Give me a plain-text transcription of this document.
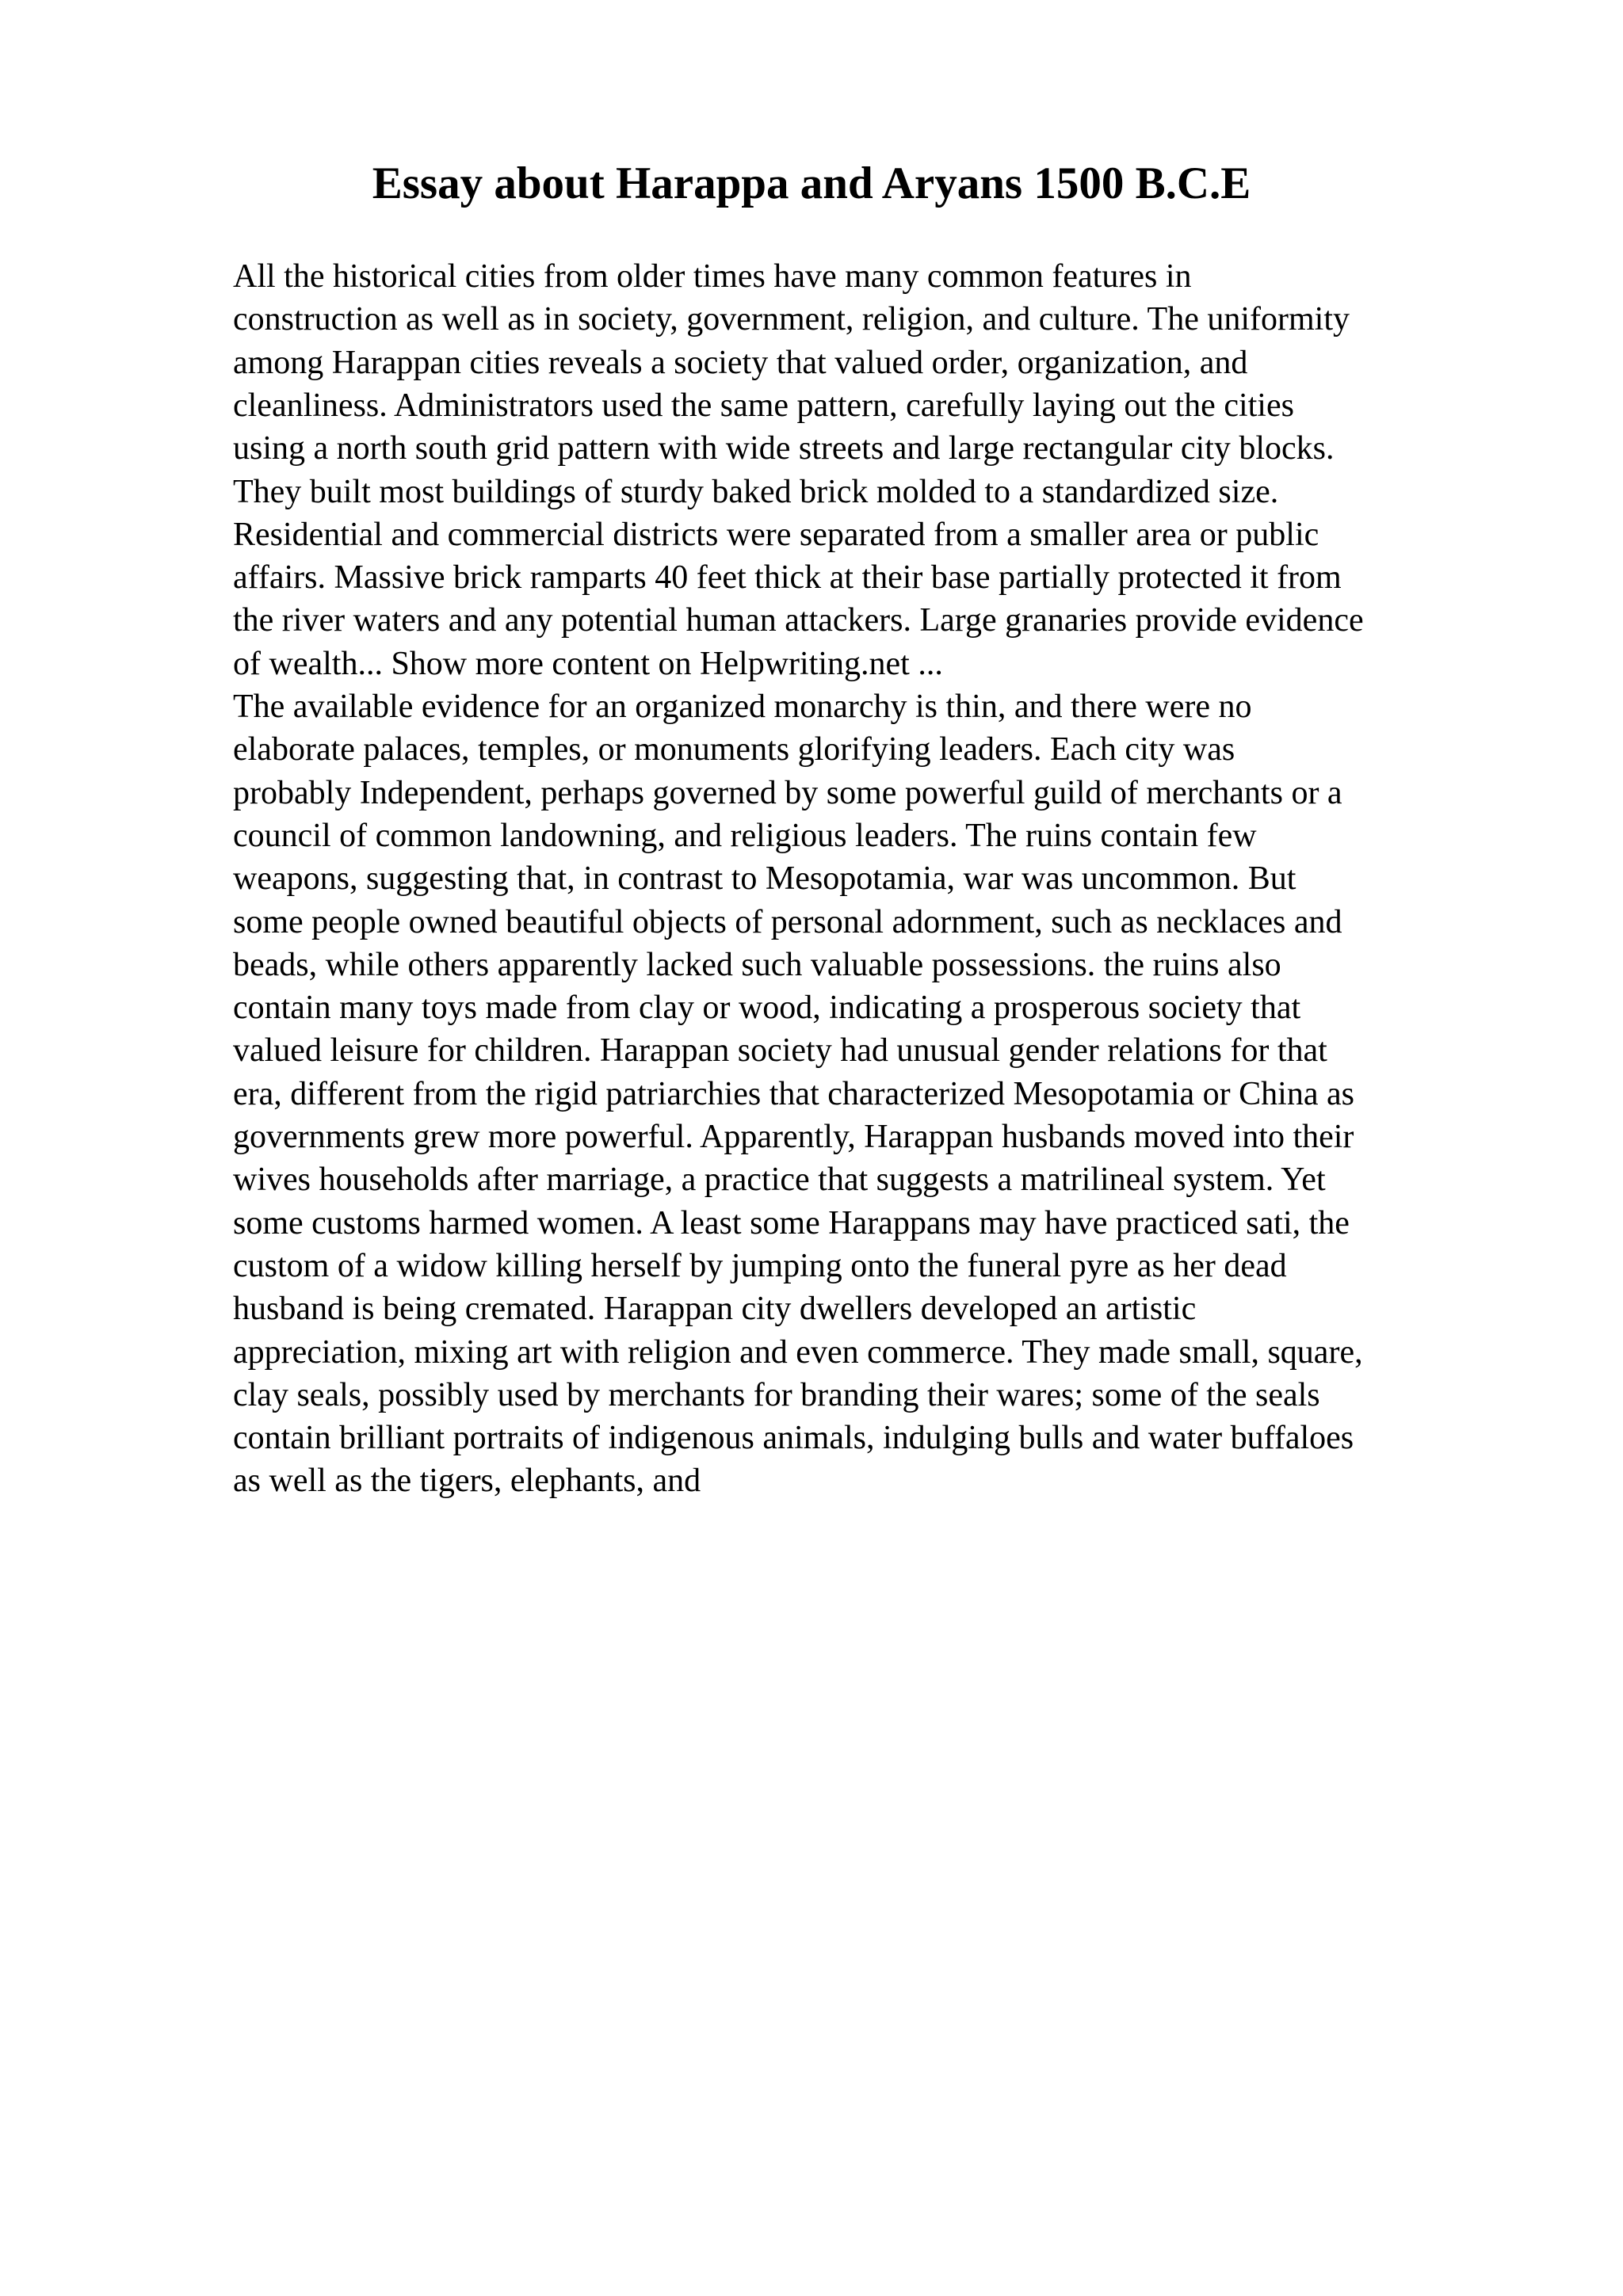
Essay about Harappa and Aryans 1500 B.C.E

All the historical cities from older times have many common features in

construction as well as in society, government, religion, and culture. The uniformity

among Harappan cities reveals a society that valued order, organization, and

cleanliness. Administrators used the same pattern, carefully laying out the cities

using a north south grid pattern with wide streets and large rectangular city blocks.

They built most buildings of sturdy baked brick molded to a standardized size.

Residential and commercial districts were separated from a smaller area or public

affairs. Massive brick ramparts 40 feet thick at their base partially protected it from

the river waters and any potential human attackers. Large granaries provide evidence

of wealth... Show more content on Helpwriting.net ...

The available evidence for an organized monarchy is thin, and there were no

elaborate palaces, temples, or monuments glorifying leaders. Each city was

probably Independent, perhaps governed by some powerful guild of merchants or a

council of common landowning, and religious leaders. The ruins contain few

weapons, suggesting that, in contrast to Mesopotamia, war was uncommon. But

some people owned beautiful objects of personal adornment, such as necklaces and

beads, while others apparently lacked such valuable possessions. the ruins also

contain many toys made from clay or wood, indicating a prosperous society that

valued leisure for children. Harappan society had unusual gender relations for that

era, different from the rigid patriarchies that characterized Mesopotamia or China as

governments grew more powerful. Apparently, Harappan husbands moved into their

wives households after marriage, a practice that suggests a matrilineal system. Yet

some customs harmed women. A least some Harappans may have practiced sati, the

custom of a widow killing herself by jumping onto the funeral pyre as her dead

husband is being cremated. Harappan city dwellers developed an artistic

appreciation, mixing art with religion and even commerce. They made small, square,

clay seals, possibly used by merchants for branding their wares; some of the seals

contain brilliant portraits of indigenous animals, indulging bulls and water buffaloes

as well as the tigers, elephants, and
